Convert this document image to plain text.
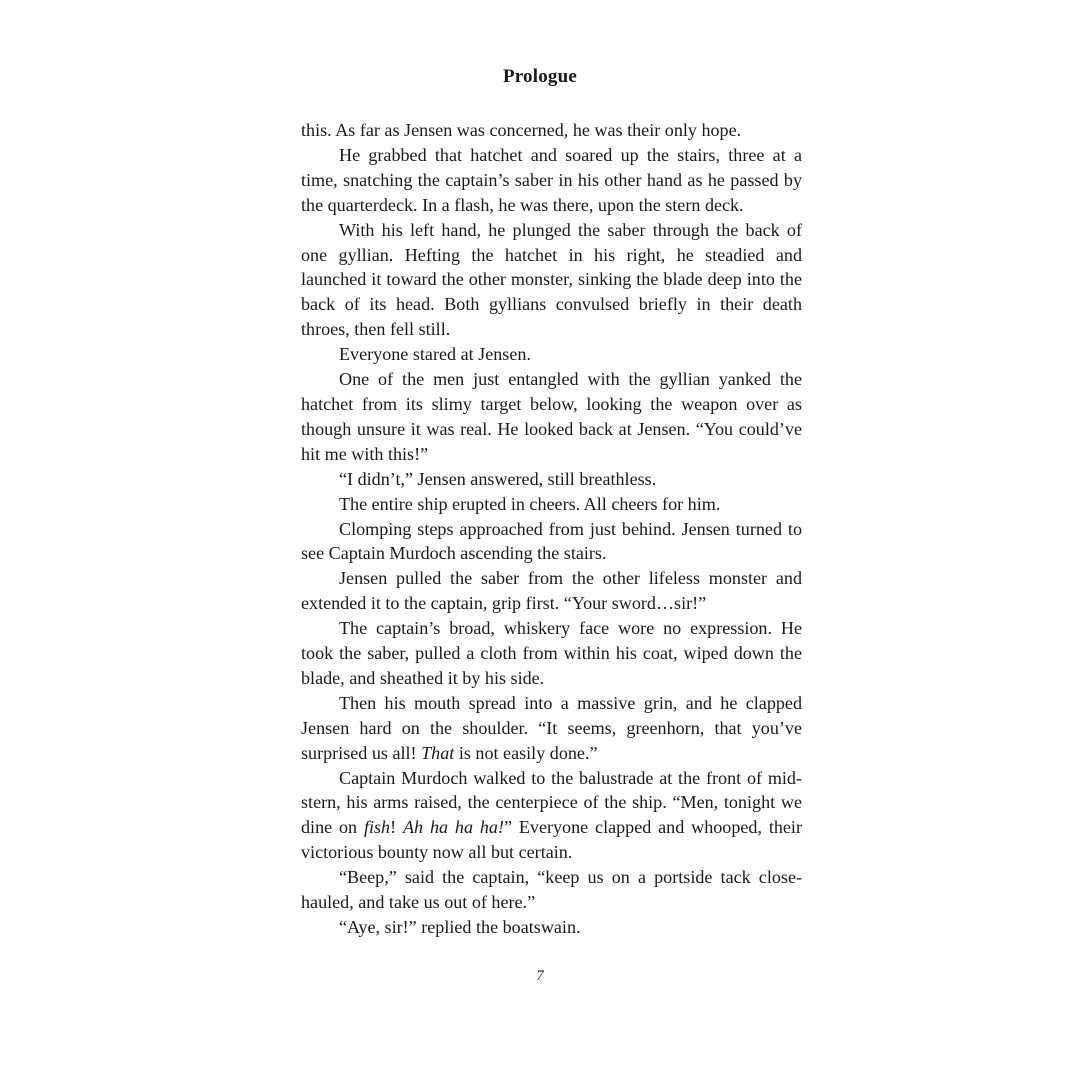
Prologue

this. As far as Jensen was concerned, he was their only hope.

He grabbed that hatchet and soared up the stairs, three at a time, snatching the captain’s saber in his other hand as he passed by the quarterdeck. In a flash, he was there, upon the stern deck.

With his left hand, he plunged the saber through the back of one gyllian. Hefting the hatchet in his right, he steadied and launched it toward the other monster, sinking the blade deep into the back of its head. Both gyllians convulsed briefly in their death throes, then fell still.

Everyone stared at Jensen.

One of the men just entangled with the gyllian yanked the hatchet from its slimy target below, looking the weapon over as though unsure it was real. He looked back at Jensen. “You could’ve hit me with this!”

“I didn’t,” Jensen answered, still breathless.

The entire ship erupted in cheers. All cheers for him.

Clomping steps approached from just behind. Jensen turned to see Captain Murdoch ascending the stairs.

Jensen pulled the saber from the other lifeless monster and extended it to the captain, grip first. “Your sword…sir!”

The captain’s broad, whiskery face wore no expression. He took the saber, pulled a cloth from within his coat, wiped down the blade, and sheathed it by his side.

Then his mouth spread into a massive grin, and he clapped Jensen hard on the shoulder. “It seems, greenhorn, that you’ve surprised us all! That is not easily done.”

Captain Murdoch walked to the balustrade at the front of mid-stern, his arms raised, the centerpiece of the ship. “Men, tonight we dine on fish! Ah ha ha ha!” Everyone clapped and whooped, their victorious bounty now all but certain.

“Beep,” said the captain, “keep us on a portside tack close-hauled, and take us out of here.”

“Aye, sir!” replied the boatswain.

7
